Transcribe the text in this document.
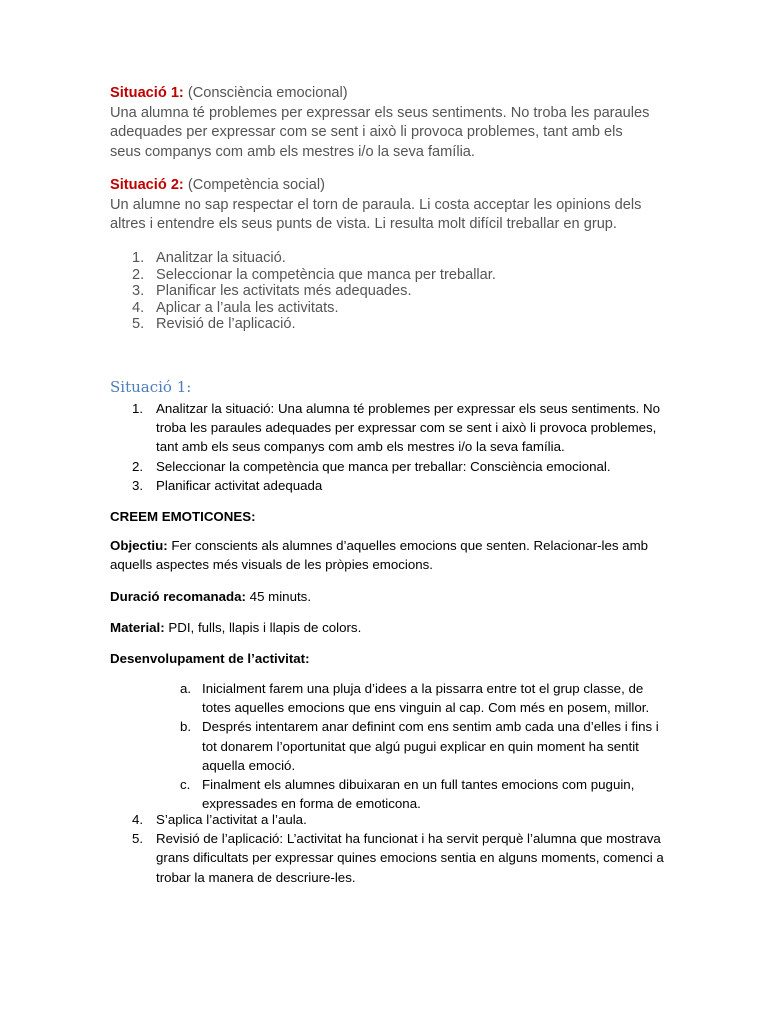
Situació 1: (Consciència emocional)
Una alumna té problemes per expressar els seus sentiments. No troba les paraules
adequades per expressar com se sent i això li provoca problemes, tant amb els
seus companys com amb els mestres i/o la seva família.
Situació 2: (Competència social)
Un alumne no sap respectar el torn de paraula. Li costa acceptar les opinions dels
altres i entendre els seus punts de vista. Li resulta molt difícil treballar en grup.
1. Analitzar la situació.
2. Seleccionar la competència que manca per treballar.
3. Planificar les activitats més adequades.
4. Aplicar a l’aula les activitats.
5. Revisió de l’aplicació.
Situació 1:
1. Analitzar la situació: Una alumna té problemes per expressar els seus sentiments. No
troba les paraules adequades per expressar com se sent i això li provoca problemes,
tant amb els seus companys com amb els mestres i/o la seva família.
2. Seleccionar la competència que manca per treballar: Consciència emocional.
3. Planificar activitat adequada
CREEM EMOTICONES:
Objectiu: Fer conscients als alumnes d’aquelles emocions que senten. Relacionar-les amb
aquells aspectes més visuals de les pròpies emocions.
Duració recomanada: 45 minuts.
Material: PDI, fulls, llapis i llapis de colors.
Desenvolupament de l’activitat:
a. Inicialment farem una pluja d’idees a la pissarra entre tot el grup classe, de
totes aquelles emocions que ens vinguin al cap. Com més en posem, millor.
b. Després intentarem anar definint com ens sentim amb cada una d’elles i fins i
tot donarem l’oportunitat que algú pugui explicar en quin moment ha sentit
aquella emoció.
c. Finalment els alumnes dibuixaran en un full tantes emocions com puguin,
expressades en forma de emoticona.
4. S’aplica l’activitat a l’aula.
5. Revisió de l’aplicació: L’activitat ha funcionat i ha servit perquè l’alumna que mostrava
grans dificultats per expressar quines emocions sentia en alguns moments, comenci a
trobar la manera de descriure-les.
